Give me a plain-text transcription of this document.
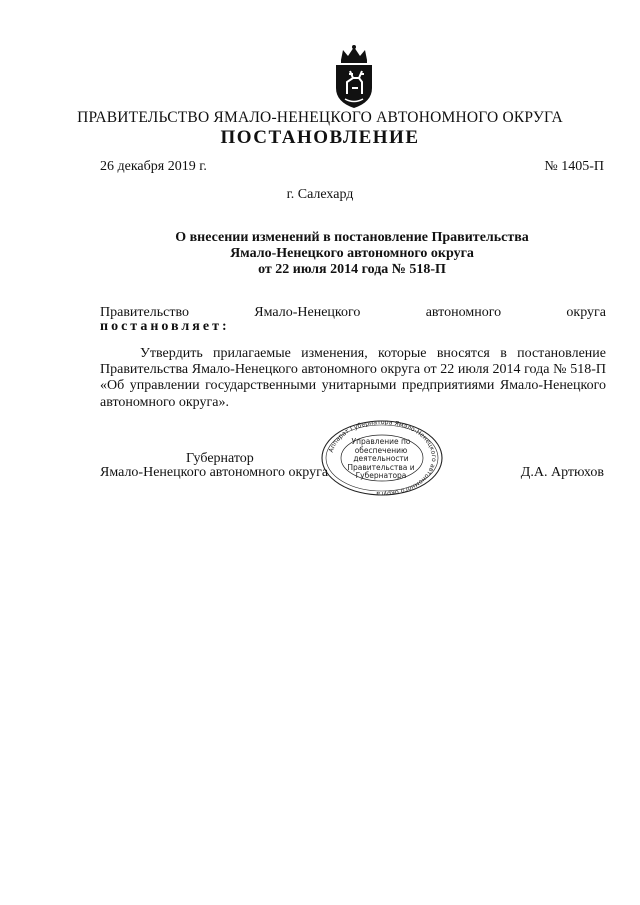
ПРАВИТЕЛЬСТВО ЯМАЛО-НЕНЕЦКОГО АВТОНОМНОГО ОКРУГА
ПОСТАНОВЛЕНИЕ
26 декабря 2019 г.	№ 1405-П
г. Салехард
О внесении изменений в постановление Правительства
Ямало-Ненецкого автономного округа
от 22 июля 2014 года № 518-П
Правительство	Ямало-Ненецкого	автономного	округа
постановляет:
Утвердить прилагаемые изменения, которые вносятся в постановление Правительства Ямало-Ненецкого автономного округа от 22 июля 2014 года № 518-П «Об управлении государственными унитарными предприятиями Ямало-Ненецкого автономного округа».
Губернатор
Ямало-Ненецкого автономного округа	Д.А. Артюхов
Аппарат Губернатора Ямало-Ненецкого автономного округа
Управление по обеспечению деятельности Правительства и Губернатора
